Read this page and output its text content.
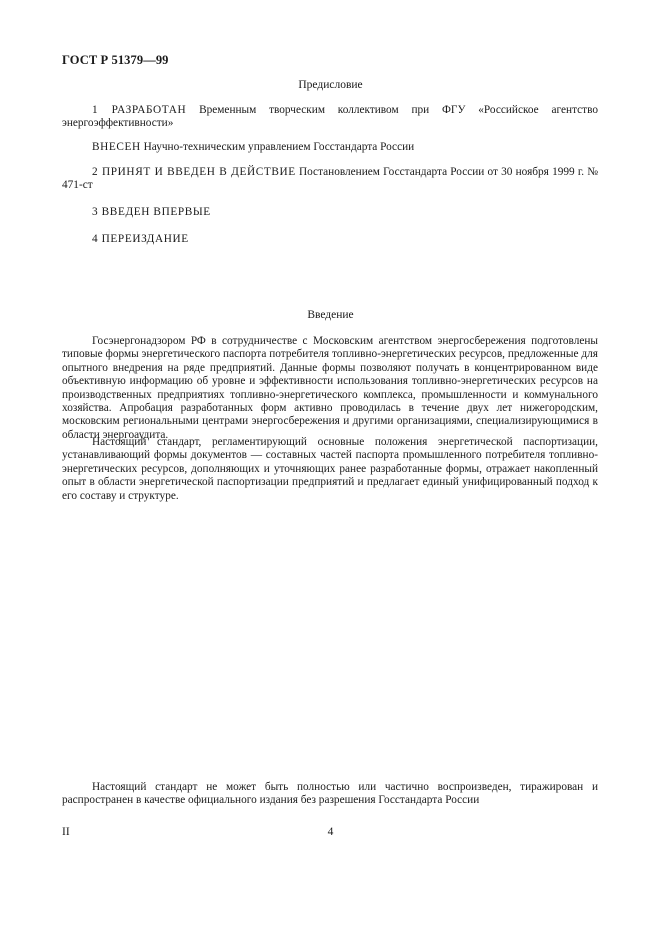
ГОСТ Р 51379—99
Предисловие
1 РАЗРАБОТАН Временным творческим коллективом при ФГУ «Российское агентство энергоэффективности»
ВНЕСЕН Научно-техническим управлением Госстандарта России
2 ПРИНЯТ И ВВЕДЕН В ДЕЙСТВИЕ Постановлением Госстандарта России от 30 ноября 1999 г. № 471-ст
3 ВВЕДЕН ВПЕРВЫЕ
4 ПЕРЕИЗДАНИЕ
Введение
Госэнергонадзором РФ в сотрудничестве с Московским агентством энергосбережения подготовлены типовые формы энергетического паспорта потребителя топливно-энергетических ресурсов, предложенные для опытного внедрения на ряде предприятий. Данные формы позволяют получать в концентрированном виде объективную информацию об уровне и эффективности использования топливно-энергетических ресурсов на производственных предприятиях топливно-энергетического комплекса, промышленности и коммунального хозяйства. Апробация разработанных форм активно проводилась в течение двух лет нижегородским, московским региональными центрами энергосбережения и другими организациями, специализирующимися в области энергоаудита.
Настоящий стандарт, регламентирующий основные положения энергетической паспортизации, устанавливающий формы документов — составных частей паспорта промышленного потребителя топливно-энергетических ресурсов, дополняющих и уточняющих ранее разработанные формы, отражает накопленный опыт в области энергетической паспортизации предприятий и предлагает единый унифицированный подход к его составу и структуре.
Настоящий стандарт не может быть полностью или частично воспроизведен, тиражирован и распространен в качестве официального издания без разрешения Госстандарта России
II	4
